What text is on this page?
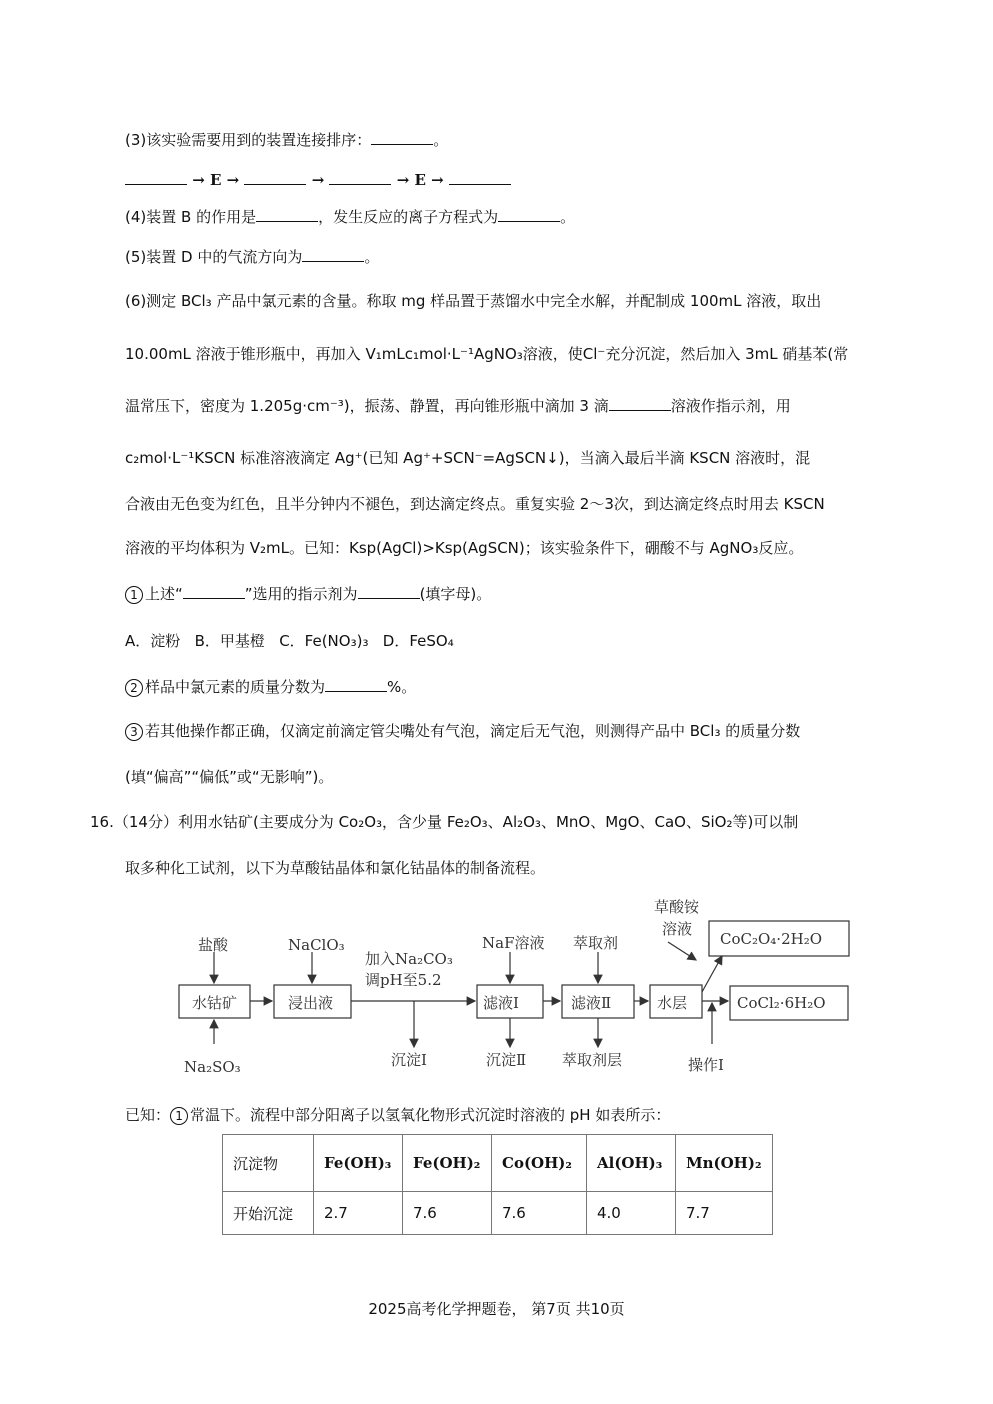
(3)该实验需要用到的装置连接排序：	。
→ E →	→	→ E →
(4)装置 B 的作用是	，发生反应的离子方程式为	。
(5)装置 D 中的气流方向为	。
(6)测定 BCl₃ 产品中氯元素的含量。称取 mg 样品置于蒸馏水中完全水解，并配制成 100mL 溶液，取出
10.00mL 溶液于锥形瓶中，再加入 V₁mLc₁mol·L⁻¹AgNO₃溶液，使Cl⁻充分沉淀，然后加入 3mL 硝基苯(常
温常压下，密度为 1.205g·cm⁻³)，振荡、静置，再向锥形瓶中滴加 3 滴	溶液作指示剂，用
c₂mol·L⁻¹KSCN 标准溶液滴定 Ag⁺(已知 Ag⁺+SCN⁻=AgSCN↓)，当滴入最后半滴 KSCN 溶液时，混
合液由无色变为红色，且半分钟内不褪色，到达滴定终点。重复实验 2～3次，到达滴定终点时用去 KSCN
溶液的平均体积为 V₂mL。已知：Ksp(AgCl)>Ksp(AgSCN)；该实验条件下，硼酸不与 AgNO₃反应。
1 上述“	”选用的指示剂为	(填字母)。
A．淀粉 B．甲基橙 C．Fe(NO₃)₃ D．FeSO₄
2 样品中氯元素的质量分数为	%。
3 若其他操作都正确，仅滴定前滴定管尖嘴处有气泡，滴定后无气泡，则测得产品中 BCl₃ 的质量分数
(填“偏高”“偏低”或“无影响”)。
16.（14分）利用水钴矿(主要成分为 Co₂O₃，含少量 Fe₂O₃、Al₂O₃、MnO、MgO、CaO、SiO₂等)可以制
取多种化工试剂，以下为草酸钴晶体和氯化钴晶体的制备流程。
盐酸	NaClO₃
加入Na₂CO₃
调pH至5.2
NaF溶液 萃取剂
草酸铵
溶液
水钴矿	浸出液	滤液Ⅰ	滤液Ⅱ	水层
CoC₂O₄·2H₂O
CoCl₂·6H₂O
Na₂SO₃	沉淀Ⅰ	沉淀Ⅱ 萃取剂层	操作Ⅰ
已知： 1 常温下。流程中部分阳离子以氢氧化物形式沉淀时溶液的 pH 如表所示：
沉淀物	Fe(OH)₃	Fe(OH)₂	Co(OH)₂	Al(OH)₃	Mn(OH)₂
开始沉淀	2.7	7.6	7.6	4.0	7.7
2025高考化学押题卷， 第7页 共10页
